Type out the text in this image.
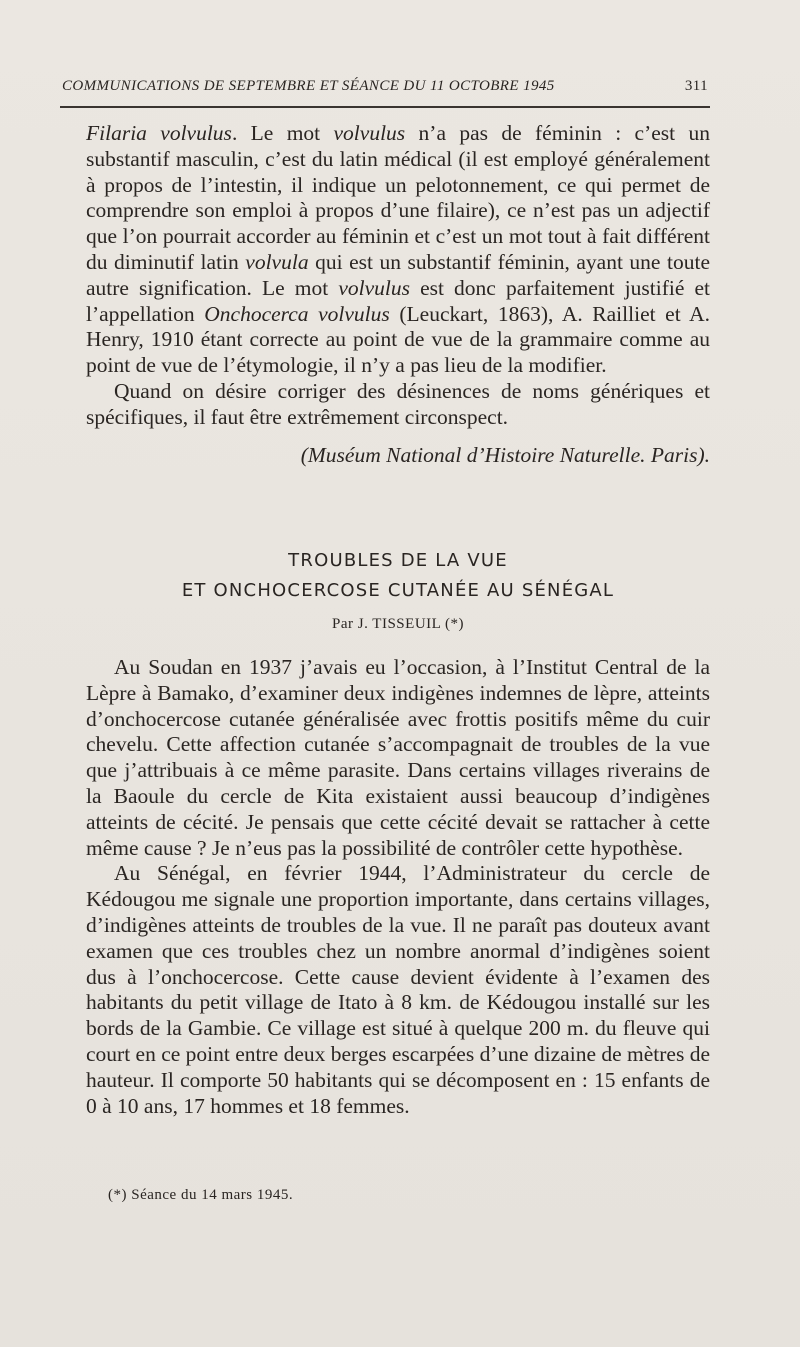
COMMUNICATIONS DE SEPTEMBRE ET SÉANCE DU 11 OCTOBRE 1945	311

Filaria volvulus. Le mot volvulus n’a pas de féminin : c’est un substantif masculin, c’est du latin médical (il est employé généralement à propos de l’intestin, il indique un pelotonnement, ce qui permet de comprendre son emploi à propos d’une filaire), ce n’est pas un adjectif que l’on pourrait accorder au féminin et c’est un mot tout à fait différent du diminutif latin volvula qui est un substantif féminin, ayant une toute autre signification. Le mot volvulus est donc parfaitement justifié et l’appellation Onchocerca volvulus (Leuckart, 1863), A. Railliet et A. Henry, 1910 étant correcte au point de vue de la grammaire comme au point de vue de l’étymologie, il n’y a pas lieu de la modifier.

Quand on désire corriger des désinences de noms génériques et spécifiques, il faut être extrêmement circonspect.

(Muséum National d’Histoire Naturelle. Paris).
TROUBLES DE LA VUE
ET ONCHOCERCOSE CUTANÉE AU SÉNÉGAL
Par J. TISSEUIL (*)

Au Soudan en 1937 j’avais eu l’occasion, à l’Institut Central de la Lèpre à Bamako, d’examiner deux indigènes indemnes de lèpre, atteints d’onchocercose cutanée généralisée avec frottis positifs même du cuir chevelu. Cette affection cutanée s’accompagnait de troubles de la vue que j’attribuais à ce même parasite. Dans certains villages riverains de la Baoule du cercle de Kita existaient aussi beaucoup d’indigènes atteints de cécité. Je pensais que cette cécité devait se rattacher à cette même cause ? Je n’eus pas la possibilité de contrôler cette hypothèse.

Au Sénégal, en février 1944, l’Administrateur du cercle de Kédougou me signale une proportion importante, dans certains villages, d’indigènes atteints de troubles de la vue. Il ne paraît pas douteux avant examen que ces troubles chez un nombre anormal d’indigènes soient dus à l’onchocercose. Cette cause devient évidente à l’examen des habitants du petit village de Itato à 8 km. de Kédougou installé sur les bords de la Gambie. Ce village est situé à quelque 200 m. du fleuve qui court en ce point entre deux berges escarpées d’une dizaine de mètres de hauteur. Il comporte 50 habitants qui se décomposent en : 15 enfants de 0 à 10 ans, 17 hommes et 18 femmes.

(*) Séance du 14 mars 1945.
